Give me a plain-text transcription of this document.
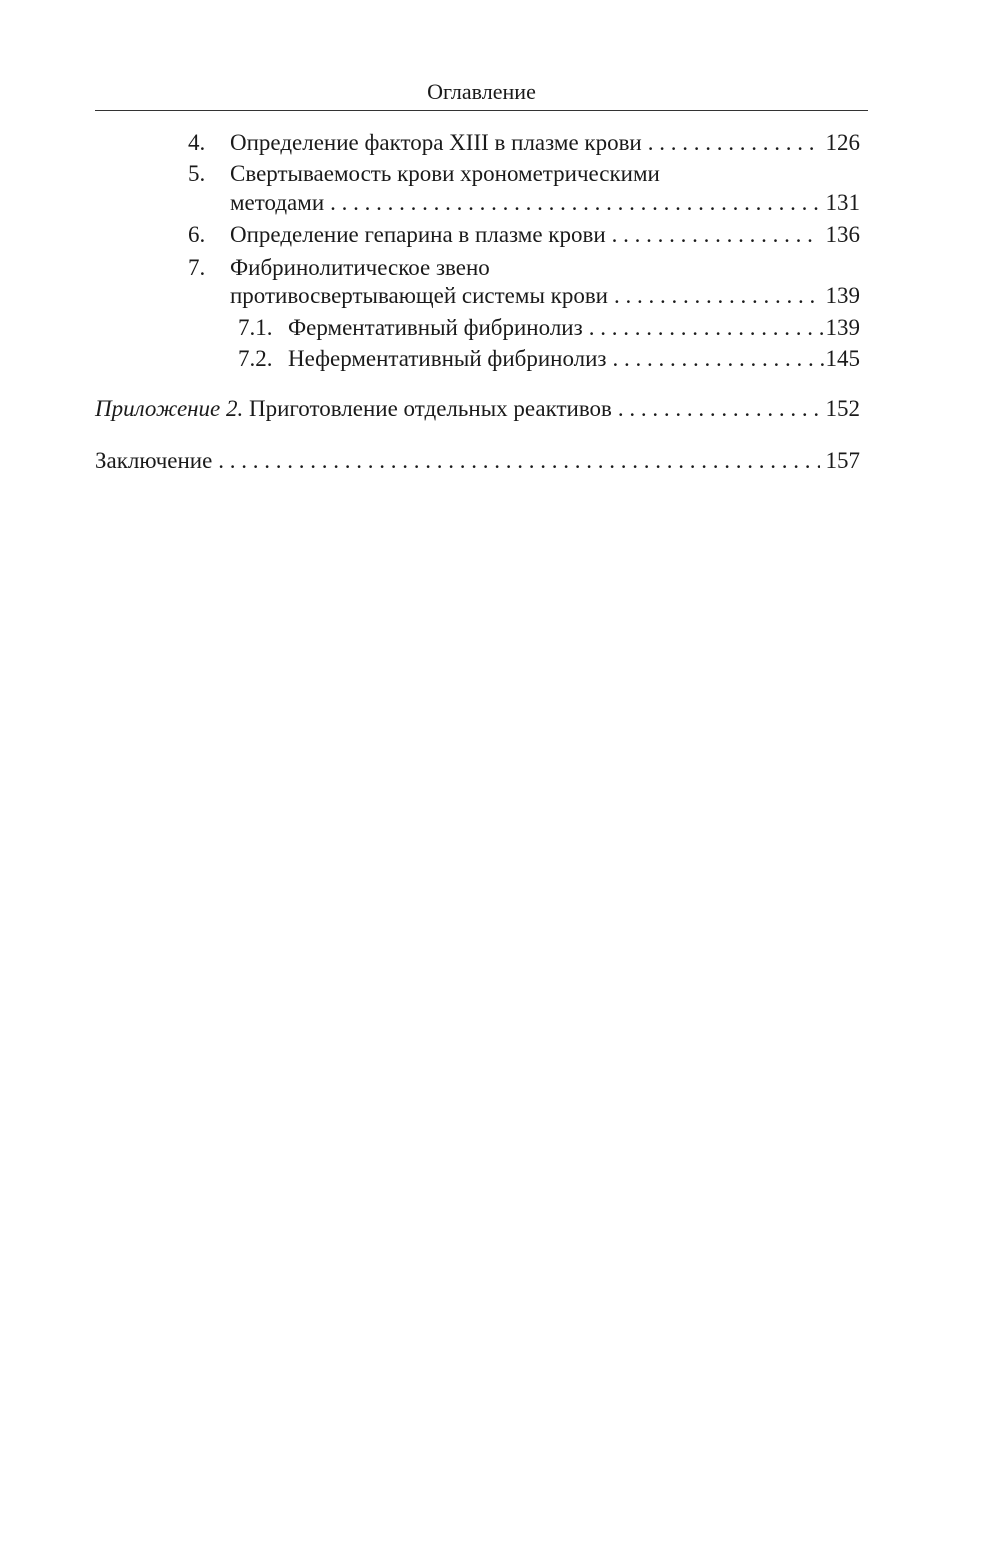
Оглавление
4.	Определение фактора XIII в плазме крови . . .	126
5. Свертываемость крови хронометрическими
методами . . .	131
6.	Определение гепарина в плазме крови . . .	136
7. Фибринолитическое звено
противосвертывающей системы крови . . .	139
7.1. Ферментативный фибринолиз . . .	139
7.2. Неферментативный фибринолиз . . .	145
Приложение 2. Приготовление отдельных реактивов . . .	152
Заключение . . .	157
